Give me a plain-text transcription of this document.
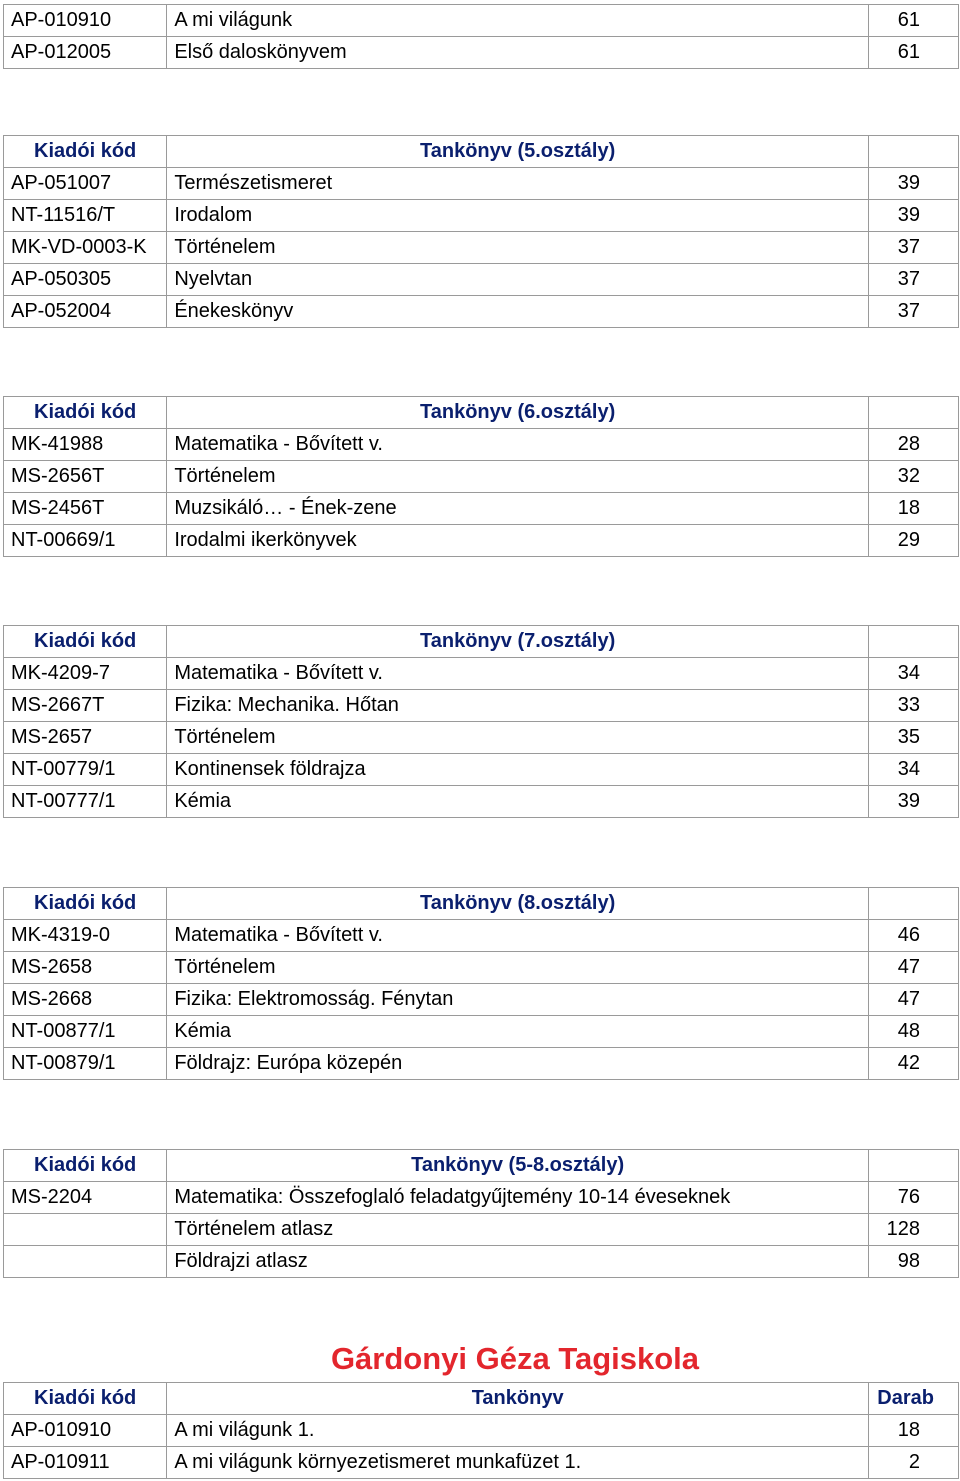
AP-010910	A mi világunk	61
AP-012005	Első daloskönyvem	61
Kiadói kód	Tankönyv (5.osztály)	
AP-051007	Természetismeret	39
NT-11516/T	Irodalom	39
MK-VD-0003-K	Történelem	37
AP-050305	Nyelvtan	37
AP-052004	Énekeskönyv	37
Kiadói kód	Tankönyv (6.osztály)	
MK-41988	Matematika - Bővített v.	28
MS-2656T	Történelem	32
MS-2456T	Muzsikáló… - Ének-zene	18
NT-00669/1	Irodalmi ikerkönyvek	29
Kiadói kód	Tankönyv (7.osztály)	
MK-4209-7	Matematika - Bővített v.	34
MS-2667T	Fizika: Mechanika. Hőtan	33
MS-2657	Történelem	35
NT-00779/1	Kontinensek földrajza	34
NT-00777/1	Kémia	39
Kiadói kód	Tankönyv (8.osztály)	
MK-4319-0	Matematika - Bővített v.	46
MS-2658	Történelem	47
MS-2668	Fizika: Elektromosság. Fénytan	47
NT-00877/1	Kémia	48
NT-00879/1	Földrajz: Európa közepén	42
Kiadói kód	Tankönyv (5-8.osztály)	
MS-2204	Matematika: Összefoglaló feladatgyűjtemény 10-14 éveseknek	76
	Történelem atlasz	128
	Földrajzi atlasz	98
Gárdonyi Géza Tagiskola
Kiadói kód	Tankönyv	Darab
AP-010910	A mi világunk 1.	18
AP-010911	A mi világunk környezetismeret munkafüzet 1.	2
